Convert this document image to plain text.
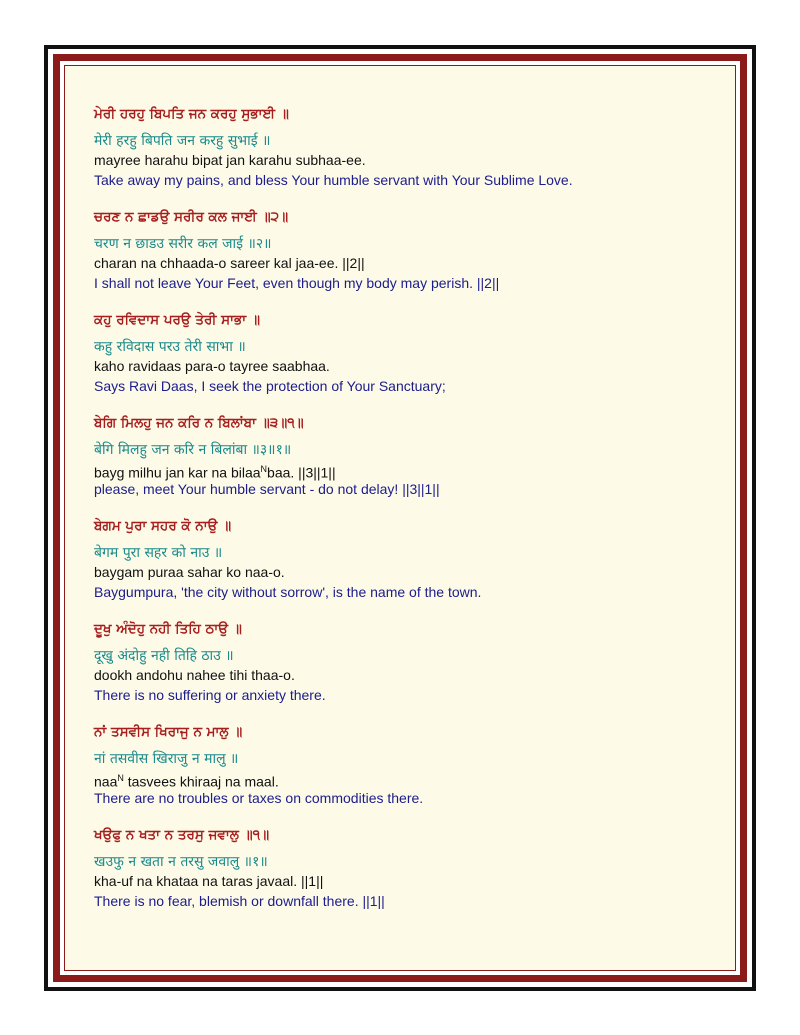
ਮੇਰੀ ਹਰਹੁ ਬਿਪਤਿ ਜਨ ਕਰਹੁ ਸੁਭਾਈ ॥
मेरी हरहु बिपति जन करहु सुभाई ॥
mayree harahu bipat jan karahu subhaa-ee.
Take away my pains, and bless Your humble servant with Your Sublime Love.
ਚਰਣ ਨ ਛਾਡਉ ਸਰੀਰ ਕਲ ਜਾਈ ॥੨॥
चरण न छाडउ सरीर कल जाई ॥२॥
charan na chhaada-o sareer kal jaa-ee. ||2||
I shall not leave Your Feet, even though my body may perish. ||2||
ਕਹੁ ਰਵਿਦਾਸ ਪਰਉ ਤੇਰੀ ਸਾਭਾ ॥
कहु रविदास परउ तेरी साभा ॥
kaho ravidaas para-o tayree saabhaa.
Says Ravi Daas, I seek the protection of Your Sanctuary;
ਬੇਗਿ ਮਿਲਹੁ ਜਨ ਕਰਿ ਨ ਬਿਲਾਂਬਾ ॥੩॥੧॥
बेगि मिलहु जन करि न बिलांबा ॥३॥१॥
bayg milhu jan kar na bilaa$^N$baa. ||3||1||
please, meet Your humble servant - do not delay! ||3||1||
ਬੇਗਮ ਪੁਰਾ ਸਹਰ ਕੋ ਨਾਉ ॥
बेगम पुरा सहर को नाउ ॥
baygam puraa sahar ko naa-o.
Baygumpura, 'the city without sorrow', is the name of the town.
ਦੂਖੁ ਅੰਦੋਹੁ ਨਹੀ ਤਿਹਿ ਠਾਉ ॥
दूखु अंदोहु नही तिहि ठाउ ॥
dookh andohu nahee tihi thaa-o.
There is no suffering or anxiety there.
ਨਾਂ ਤਸਵੀਸ ਖਿਰਾਜੁ ਨ ਮਾਲੁ ॥
नां तसवीस खिराजु न मालु ॥
naa$^N$ tasvees khiraaj na maal.
There are no troubles or taxes on commodities there.
ਖਉਫੁ ਨ ਖਤਾ ਨ ਤਰਸੁ ਜਵਾਲੁ ॥੧॥
खउफु न खता न तरसु जवालु ॥१॥
kha-uf na khataa na taras javaal. ||1||
There is no fear, blemish or downfall there. ||1||
